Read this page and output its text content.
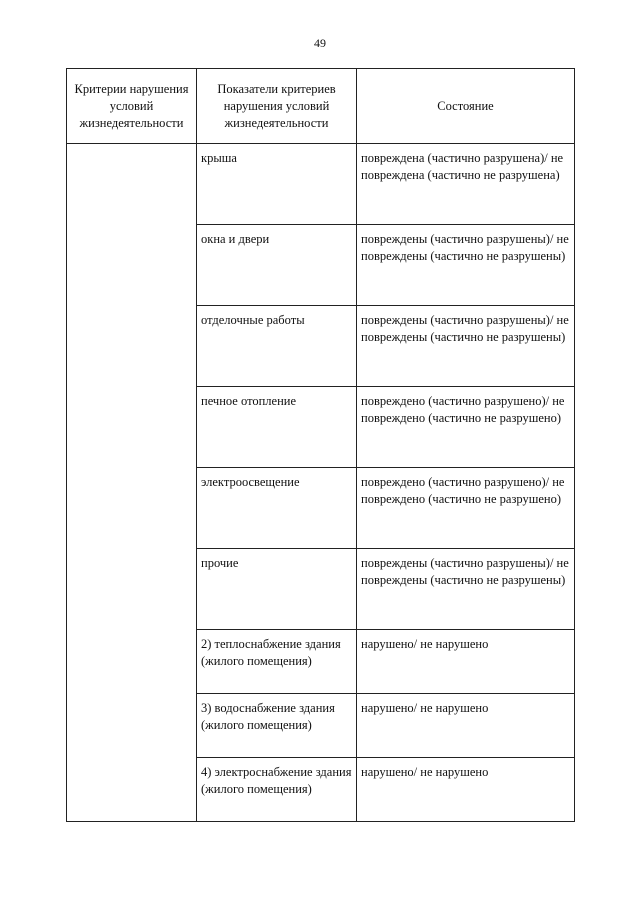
49
Критерии нарушения условий жизнедеятельности	Показатели критериев нарушения условий жизнедеятельности	Состояние
	крыша	повреждена (частично разрушена)/ не повреждена (частично не разрушена)
	окна и двери	повреждены (частично разрушены)/ не повреждены (частично не разрушены)
	отделочные работы	повреждены (частично разрушены)/ не повреждены (частично не разрушены)
	печное отопление	повреждено (частично разрушено)/ не повреждено (частично не разрушено)
	электроосвещение	повреждено (частично разрушено)/ не повреждено (частично не разрушено)
	прочие	повреждены (частично разрушены)/ не повреждены (частично не разрушены)
	2) теплоснабжение здания (жилого помещения)	нарушено/ не нарушено
	3) водоснабжение здания (жилого помещения)	нарушено/ не нарушено
	4) электроснабжение здания (жилого помещения)	нарушено/ не нарушено
